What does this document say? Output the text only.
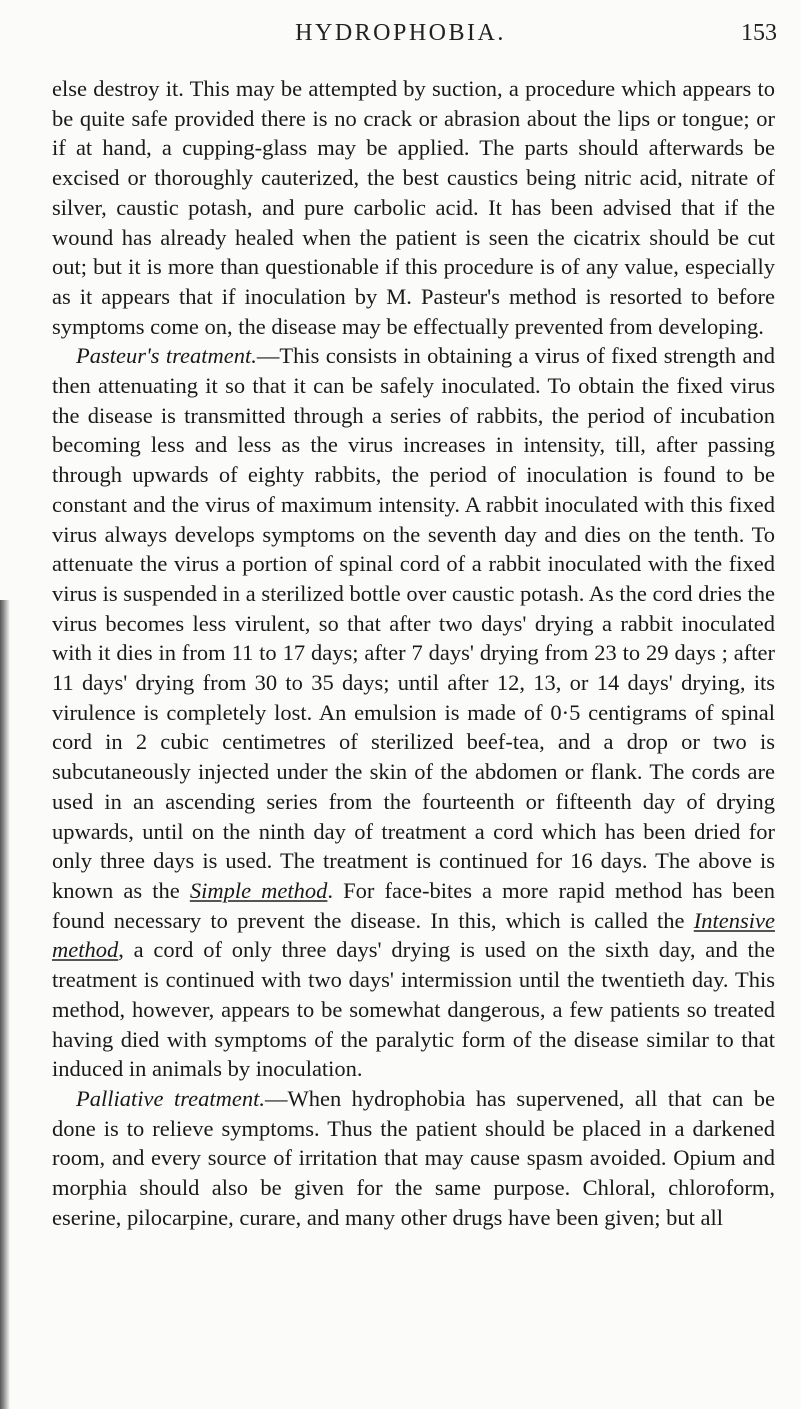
HYDROPHOBIA.	153

else destroy it. This may be attempted by suction, a procedure which appears to be quite safe provided there is no crack or abrasion about the lips or tongue; or if at hand, a cupping-glass may be applied. The parts should afterwards be excised or thoroughly cauterized, the best caustics being nitric acid, nitrate of silver, caustic potash, and pure carbolic acid. It has been advised that if the wound has already healed when the patient is seen the cicatrix should be cut out; but it is more than questionable if this procedure is of any value, especially as it appears that if inoculation by M. Pasteur's method is resorted to before symptoms come on, the disease may be effectually prevented from developing.

Pasteur's treatment.—This consists in obtaining a virus of fixed strength and then attenuating it so that it can be safely inoculated. To obtain the fixed virus the disease is transmitted through a series of rabbits, the period of incubation becoming less and less as the virus increases in intensity, till, after passing through upwards of eighty rabbits, the period of inoculation is found to be constant and the virus of maximum intensity. A rabbit inoculated with this fixed virus always develops symptoms on the seventh day and dies on the tenth. To attenuate the virus a portion of spinal cord of a rabbit inoculated with the fixed virus is suspended in a sterilized bottle over caustic potash. As the cord dries the virus becomes less virulent, so that after two days' drying a rabbit inoculated with it dies in from 11 to 17 days; after 7 days' drying from 23 to 29 days ; after 11 days' drying from 30 to 35 days; until after 12, 13, or 14 days' drying, its virulence is completely lost. An emulsion is made of 0·5 centigrams of spinal cord in 2 cubic centimetres of sterilized beef-tea, and a drop or two is subcutaneously injected under the skin of the abdomen or flank. The cords are used in an ascending series from the fourteenth or fifteenth day of drying upwards, until on the ninth day of treatment a cord which has been dried for only three days is used. The treatment is continued for 16 days. The above is known as the Simple method. For face-bites a more rapid method has been found necessary to prevent the disease. In this, which is called the Intensive method, a cord of only three days' drying is used on the sixth day, and the treatment is continued with two days' intermission until the twentieth day. This method, however, appears to be somewhat dangerous, a few patients so treated having died with symptoms of the paralytic form of the disease similar to that induced in animals by inoculation.

Palliative treatment.—When hydrophobia has supervened, all that can be done is to relieve symptoms. Thus the patient should be placed in a darkened room, and every source of irritation that may cause spasm avoided. Opium and morphia should also be given for the same purpose. Chloral, chloroform, eserine, pilocarpine, curare, and many other drugs have been given; but all
